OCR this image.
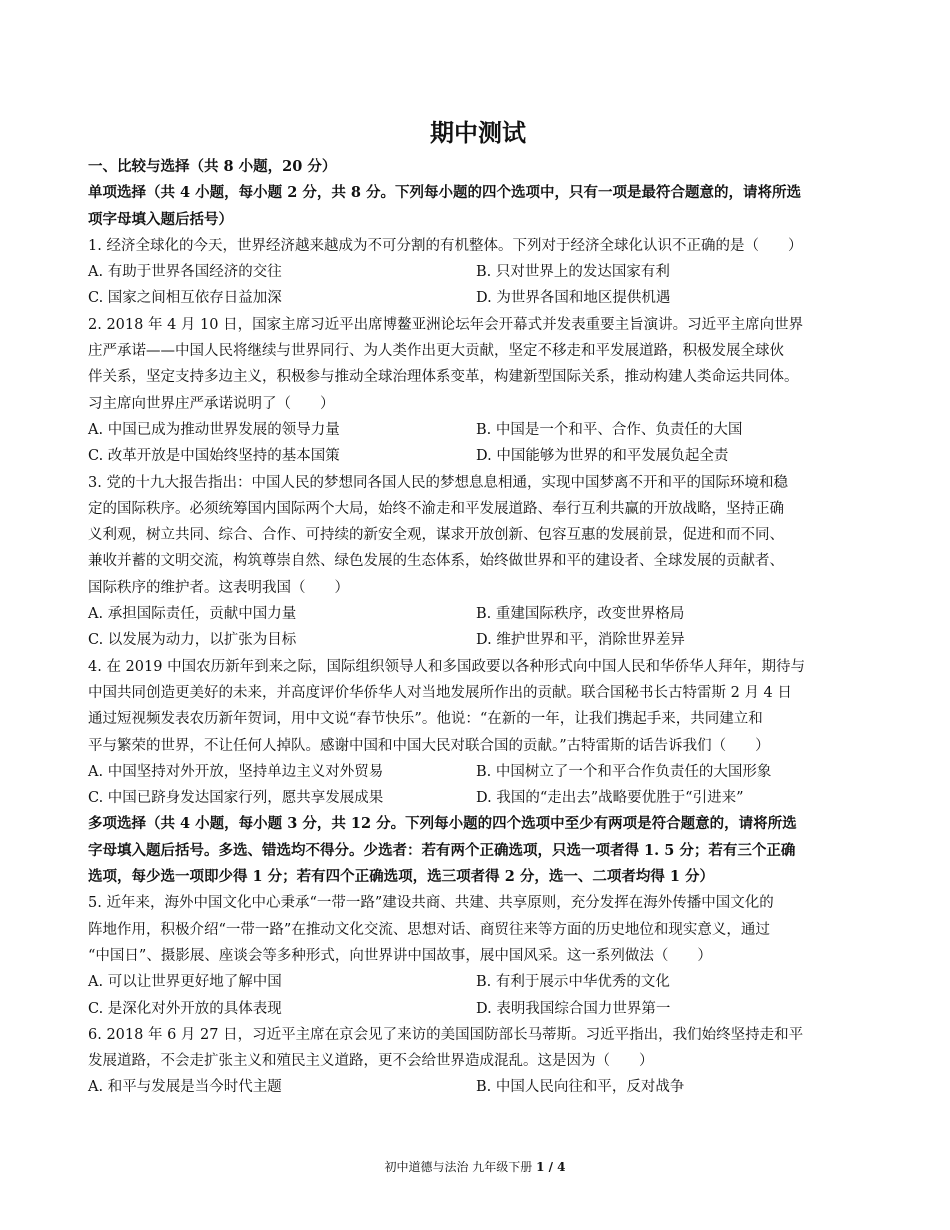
期中测试
一、比较与选择（共 8 小题，20 分）
单项选择（共 4 小题，每小题 2 分，共 8 分。下列每小题的四个选项中，只有一项是最符合题意的，请将所选
项字母填入题后括号）
1. 经济全球化的今天，世界经济越来越成为不可分割的有机整体。下列对于经济全球化认识不正确的是（　　）
A. 有助于世界各国经济的交往	B. 只对世界上的发达国家有利
C. 国家之间相互依存日益加深	D. 为世界各国和地区提供机遇
2. 2018 年 4 月 10 日，国家主席习近平出席博鳌亚洲论坛年会开幕式并发表重要主旨演讲。习近平主席向世界
庄严承诺——中国人民将继续与世界同行、为人类作出更大贡献，坚定不移走和平发展道路，积极发展全球伙
伴关系，坚定支持多边主义，积极参与推动全球治理体系变革，构建新型国际关系，推动构建人类命运共同体。
习主席向世界庄严承诺说明了（　　）
A. 中国已成为推动世界发展的领导力量	B. 中国是一个和平、合作、负责任的大国
C. 改革开放是中国始终坚持的基本国策	D. 中国能够为世界的和平发展负起全责
3. 党的十九大报告指出：中国人民的梦想同各国人民的梦想息息相通，实现中国梦离不开和平的国际环境和稳
定的国际秩序。必须统筹国内国际两个大局，始终不渝走和平发展道路、奉行互利共赢的开放战略，坚持正确
义利观，树立共同、综合、合作、可持续的新安全观，谋求开放创新、包容互惠的发展前景，促进和而不同、
兼收并蓄的文明交流，构筑尊崇自然、绿色发展的生态体系，始终做世界和平的建设者、全球发展的贡献者、
国际秩序的维护者。这表明我国（　　）
A. 承担国际责任，贡献中国力量	B. 重建国际秩序，改变世界格局
C. 以发展为动力，以扩张为目标	D. 维护世界和平，消除世界差异
4. 在 2019 中国农历新年到来之际，国际组织领导人和多国政要以各种形式向中国人民和华侨华人拜年，期待与
中国共同创造更美好的未来，并高度评价华侨华人对当地发展所作出的贡献。联合国秘书长古特雷斯 2 月 4 日
通过短视频发表农历新年贺词，用中文说“春节快乐”。他说：“在新的一年，让我们携起手来，共同建立和
平与繁荣的世界，不让任何人掉队。感谢中国和中国大民对联合国的贡献。”古特雷斯的话告诉我们（　　）
A. 中国坚持对外开放，坚持单边主义对外贸易	B. 中国树立了一个和平合作负责任的大国形象
C. 中国已跻身发达国家行列，愿共享发展成果	D. 我国的“走出去”战略要优胜于“引进来”
多项选择（共 4 小题，每小题 3 分，共 12 分。下列每小题的四个选项中至少有两项是符合题意的，请将所选
字母填入题后括号。多选、错选均不得分。少选者：若有两个正确选项，只选一项者得 1. 5 分；若有三个正确
选项，每少选一项即少得 1 分；若有四个正确选项，选三项者得 2 分，选一、二项者均得 1 分）
5. 近年来，海外中国文化中心秉承“一带一路”建设共商、共建、共享原则，充分发挥在海外传播中国文化的
阵地作用，积极介绍“一带一路”在推动文化交流、思想对话、商贸往来等方面的历史地位和现实意义，通过
“中国日”、摄影展、座谈会等多种形式，向世界讲中国故事，展中国风采。这一系列做法（　　）
A. 可以让世界更好地了解中国	B. 有利于展示中华优秀的文化
C. 是深化对外开放的具体表现	D. 表明我国综合国力世界第一
6. 2018 年 6 月 27 日，习近平主席在京会见了来访的美国国防部长马蒂斯。习近平指出，我们始终坚持走和平
发展道路，不会走扩张主义和殖民主义道路，更不会给世界造成混乱。这是因为（　　）
A. 和平与发展是当今时代主题	B. 中国人民向往和平，反对战争
初中道德与法治 九年级下册 1 / 4
